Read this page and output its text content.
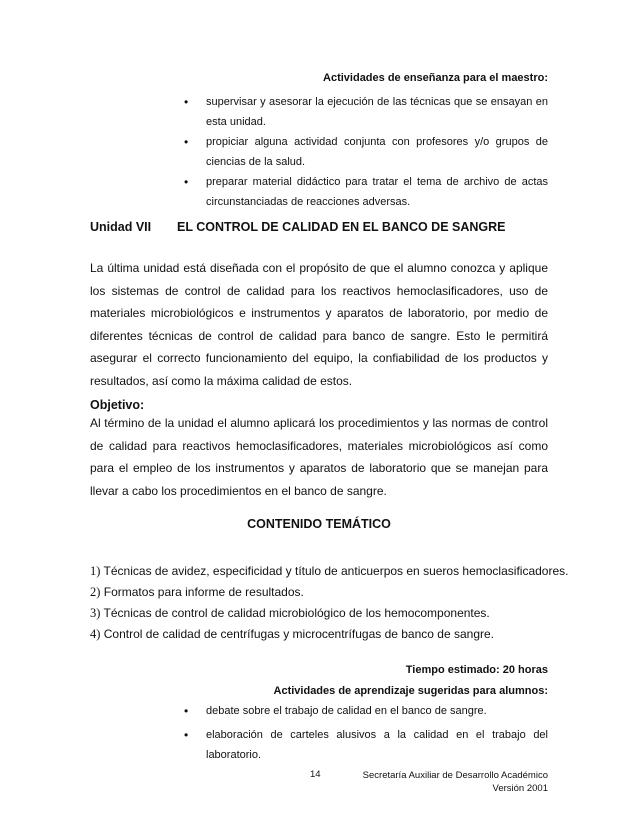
Actividades de enseñanza para el maestro:
• supervisar y asesorar la ejecución de las técnicas que se ensayan en esta unidad.
• propiciar alguna actividad conjunta con profesores y/o grupos de ciencias de la salud.
• preparar material didáctico para tratar el tema de archivo de actas circunstanciadas de reacciones adversas.
Unidad VII EL CONTROL DE CALIDAD EN EL BANCO DE SANGRE

La última unidad está diseñada con el propósito de que el alumno conozca y aplique los sistemas de control de calidad para los reactivos hemoclasificadores, uso de materiales microbiológicos e instrumentos y aparatos de laboratorio, por medio de diferentes técnicas de control de calidad para banco de sangre. Esto le permitirá asegurar el correcto funcionamiento del equipo, la confiabilidad de los productos y resultados, así como la máxima calidad de estos.

Objetivo:

Al término de la unidad el alumno aplicará los procedimientos y las normas de control de calidad para reactivos hemoclasificadores, materiales microbiológicos así como para el empleo de los instrumentos y aparatos de laboratorio que se manejan para llevar a cabo los procedimientos en el banco de sangre.

CONTENIDO TEMÁTICO
1) Técnicas de avidez, especificidad y título de anticuerpos en sueros hemoclasificadores.
2) Formatos para informe de resultados.
3) Técnicas de control de calidad microbiológico de los hemocomponentes.
4) Control de calidad de centrífugas y microcentrífugas de banco de sangre.
Tiempo estimado: 20 horas
Actividades de aprendizaje sugeridas para alumnos:
• debate sobre el trabajo de calidad en el banco de sangre.
• elaboración de carteles alusivos a la calidad en el trabajo del laboratorio.
14	Secretaría Auxiliar de Desarrollo Académico
Versión 2001
